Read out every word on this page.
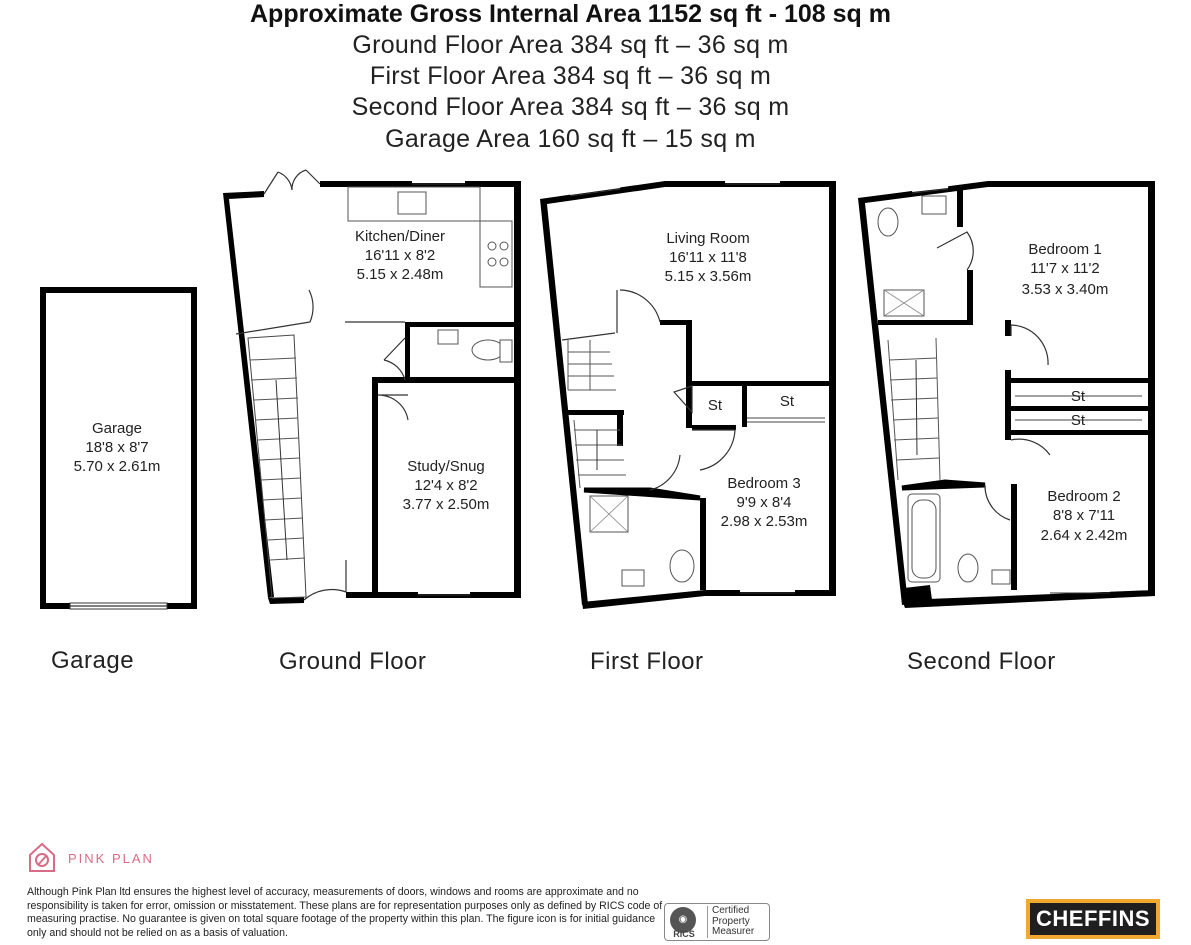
Approximate Gross Internal Area 1152 sq ft - 108 sq m
Ground Floor Area 384 sq ft – 36 sq m
First Floor Area 384 sq ft – 36 sq m
Second Floor Area 384 sq ft – 36 sq m
Garage Area 160 sq ft – 15 sq m
Garage
18'8 x 8'7
5.70 x 2.61m
Kitchen/Diner
16'11 x 8'2
5.15 x 2.48m
Study/Snug
12'4 x 8'2
3.77 x 2.50m
Living Room
16'11 x 11'8
5.15 x 3.56m
Bedroom 3
9'9 x 8'4
2.98 x 2.53m
St	St
Bedroom 1
11'7 x 11'2
3.53 x 3.40m
Bedroom 2
8'8 x 7'11
2.64 x 2.42m
St
St
Garage	Ground Floor	First Floor	Second Floor
PINK PLAN
Although Pink Plan ltd ensures the highest level of accuracy, measurements of doors, windows and rooms are approximate and no responsibility is taken for error, omission or misstatement. These plans are for representation purposes only as defined by RICS code of measuring practise. No guarantee is given on total square footage of the property within this plan. The figure icon is for initial guidance only and should not be relied on as a basis of valuation.
◉
RICS
Certified
Property
Measurer
CHEFFINS
